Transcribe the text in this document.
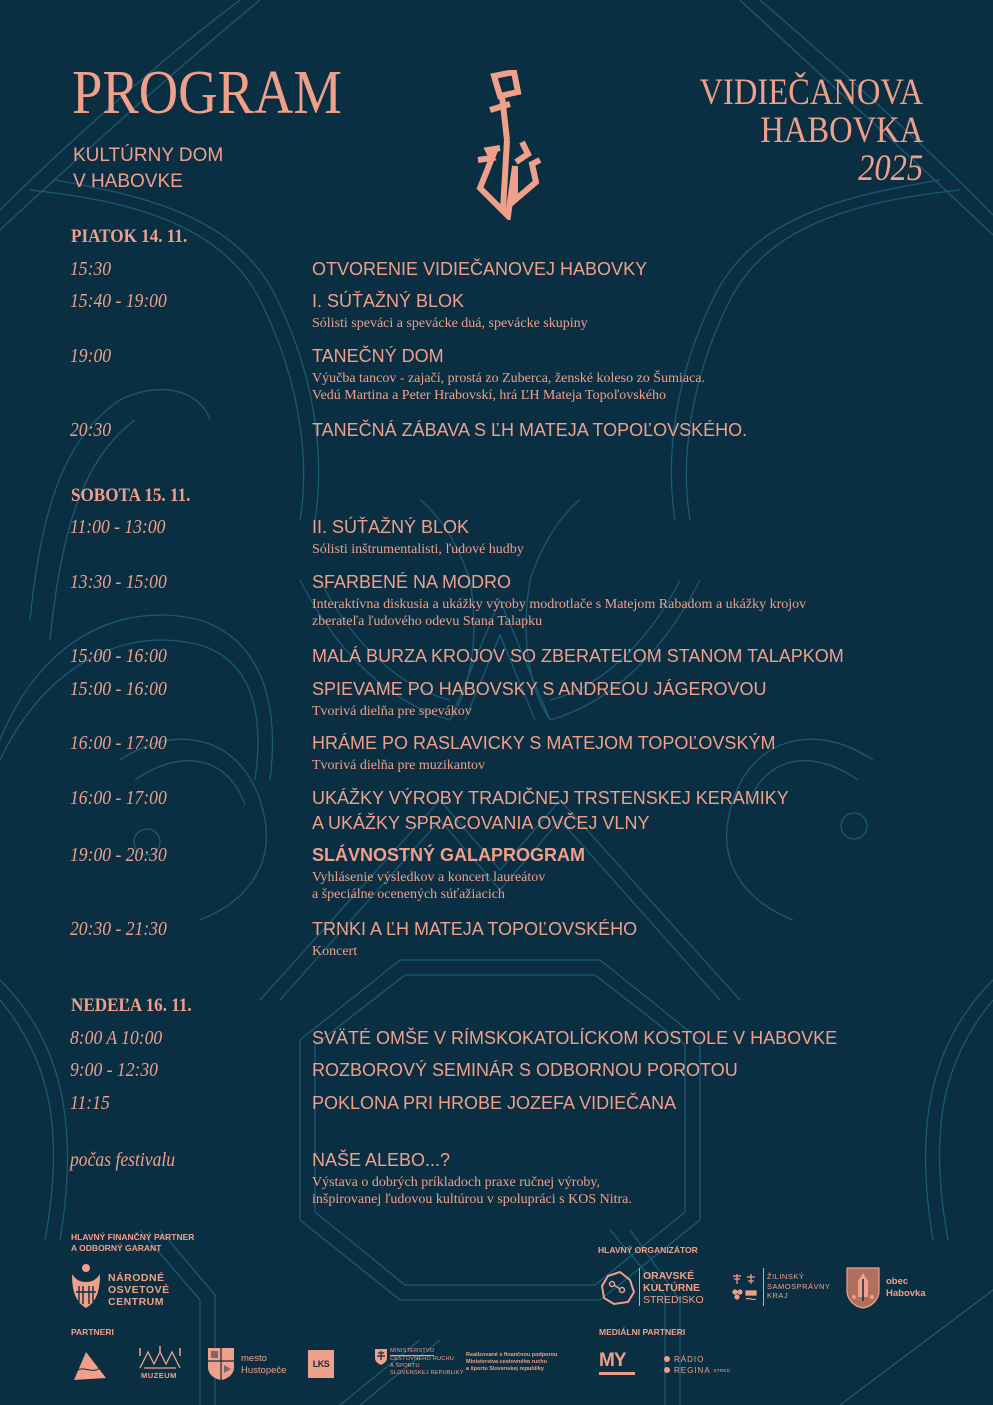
PROGRAM
KULTÚRNY DOM
V HABOVKE
VIDIEČANOVA
HABOVKA
2025
PIATOK 14. 11.
15:30	OTVORENIE VIDIEČANOVEJ HABOVKY
15:40 - 19:00	I. SÚŤAŽNÝ BLOK
Sólisti speváci a spevácke duá, spevácke skupiny
19:00	TANEČNÝ DOM
Výučba tancov - zajačí, prostá zo Zuberca, ženské koleso zo Šumiaca.
Vedú Martina a Peter Hrabovskí, hrá ĽH Mateja Topoľovského
20:30	TANEČNÁ ZÁBAVA S ĽH MATEJA TOPOĽOVSKÉHO.
SOBOTA 15. 11.
11:00 - 13:00	II. SÚŤAŽNÝ BLOK
Sólisti inštrumentalisti, ľudové hudby
13:30 - 15:00	SFARBENÉ NA MODRO
Interaktívna diskusia a ukážky výroby modrotlače s Matejom Rabadom a ukážky krojov
zberateľa ľudového odevu Stana Talapku
15:00 - 16:00	MALÁ BURZA KROJOV SO ZBERATEĽOM STANOM TALAPKOM
15:00 - 16:00	SPIEVAME PO HABOVSKY S ANDREOU JÁGEROVOU
Tvorivá dielňa pre spevákov
16:00 - 17:00	HRÁME PO RASLAVICKY S MATEJOM TOPOĽOVSKÝM
Tvorivá dielňa pre muzikantov
16:00 - 17:00	UKÁŽKY VÝROBY TRADIČNEJ TRSTENSKEJ KERAMIKY
A UKÁŽKY SPRACOVANIA OVČEJ VLNY
19:00 - 20:30	SLÁVNOSTNÝ GALAPROGRAM
Vyhlásenie výsledkov a koncert laureátov
a špeciálne ocenených súťažiacich
20:30 - 21:30	TRNKI A ĽH MATEJA TOPOĽOVSKÉHO
Koncert
NEDEĽA 16. 11.
8:00 A 10:00	SVÄTÉ OMŠE V RÍMSKOKATOLÍCKOM KOSTOLE V HABOVKE
9:00 - 12:30	ROZBOROVÝ SEMINÁR S ODBORNOU POROTOU
11:15	POKLONA PRI HROBE JOZEFA VIDIEČANA
počas festivalu	NAŠE ALEBO...?
Výstava o dobrých príkladoch praxe ručnej výroby,
inšpirovanej ľudovou kultúrou v spolupráci s KOS Nitra.
HLAVNÝ FINANČNÝ PARTNER
A ODBORNÝ GARANT
NÁRODNÉ
OSVETOVÉ
CENTRUM
HLAVNÝ ORGANIZÁTOR
ORAVSKÉ
KULTÚRNE
STREDISKO
ŽILINSKÝ
SAMOSPRÁVNY
KRAJ
obec
Habovka
PARTNERI
MUZEUM
mesto
Hustopeče
LKS
MINISTERSTVO
CESTOVNÉHO RUCHU
A ŠPORTU
SLOVENSKEJ REPUBLIKY
Realizované s finančnou podporou
Ministerstva cestovného ruchu
a športu Slovenskej republiky
MEDIÁLNI PARTNERI
MY	RÁDIO
REGINA $^{STRED}$
